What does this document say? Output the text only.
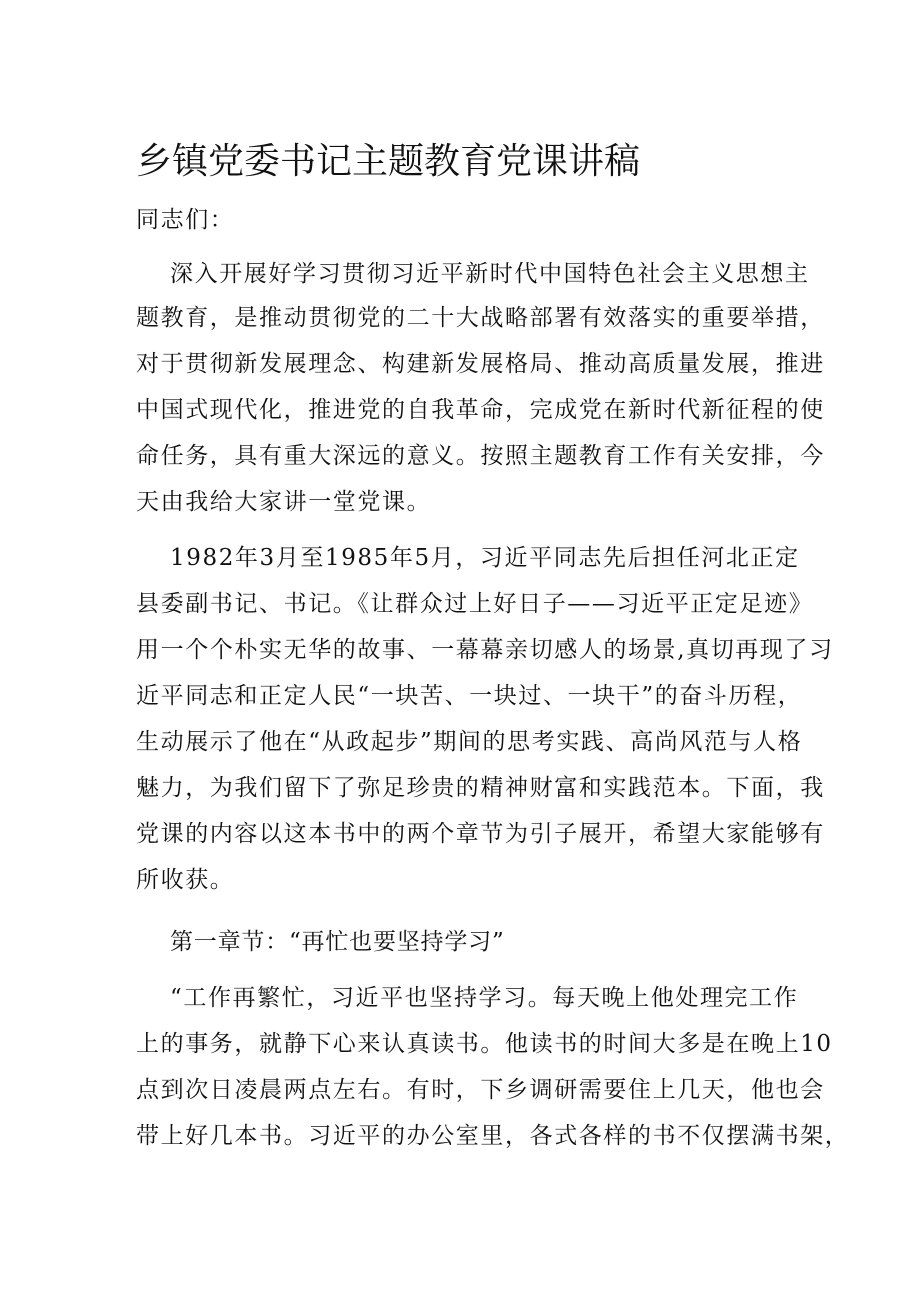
乡镇党委书记主题教育党课讲稿
同志们：
深入开展好学习贯彻习近平新时代中国特色社会主义思想主
题教育，是推动贯彻党的二十大战略部署有效落实的重要举措，
对于贯彻新发展理念、构建新发展格局、推动高质量发展，推进
中国式现代化，推进党的自我革命，完成党在新时代新征程的使
命任务，具有重大深远的意义。按照主题教育工作有关安排，今
天由我给大家讲一堂党课。
1982年3月至1985年5月，习近平同志先后担任河北正定
县委副书记、书记。《让群众过上好日子——习近平正定足迹》
用一个个朴实无华的故事、一幕幕亲切感人的场景,真切再现了习
近平同志和正定人民“一块苦、一块过、一块干”的奋斗历程，
生动展示了他在“从政起步”期间的思考实践、高尚风范与人格
魅力，为我们留下了弥足珍贵的精神财富和实践范本。下面，我
党课的内容以这本书中的两个章节为引子展开，希望大家能够有
所收获。
第一章节：“再忙也要坚持学习”
“工作再繁忙，习近平也坚持学习。每天晚上他处理完工作
上的事务，就静下心来认真读书。他读书的时间大多是在晚上10
点到次日凌晨两点左右。有时，下乡调研需要住上几天，他也会
带上好几本书。习近平的办公室里，各式各样的书不仅摆满书架，
